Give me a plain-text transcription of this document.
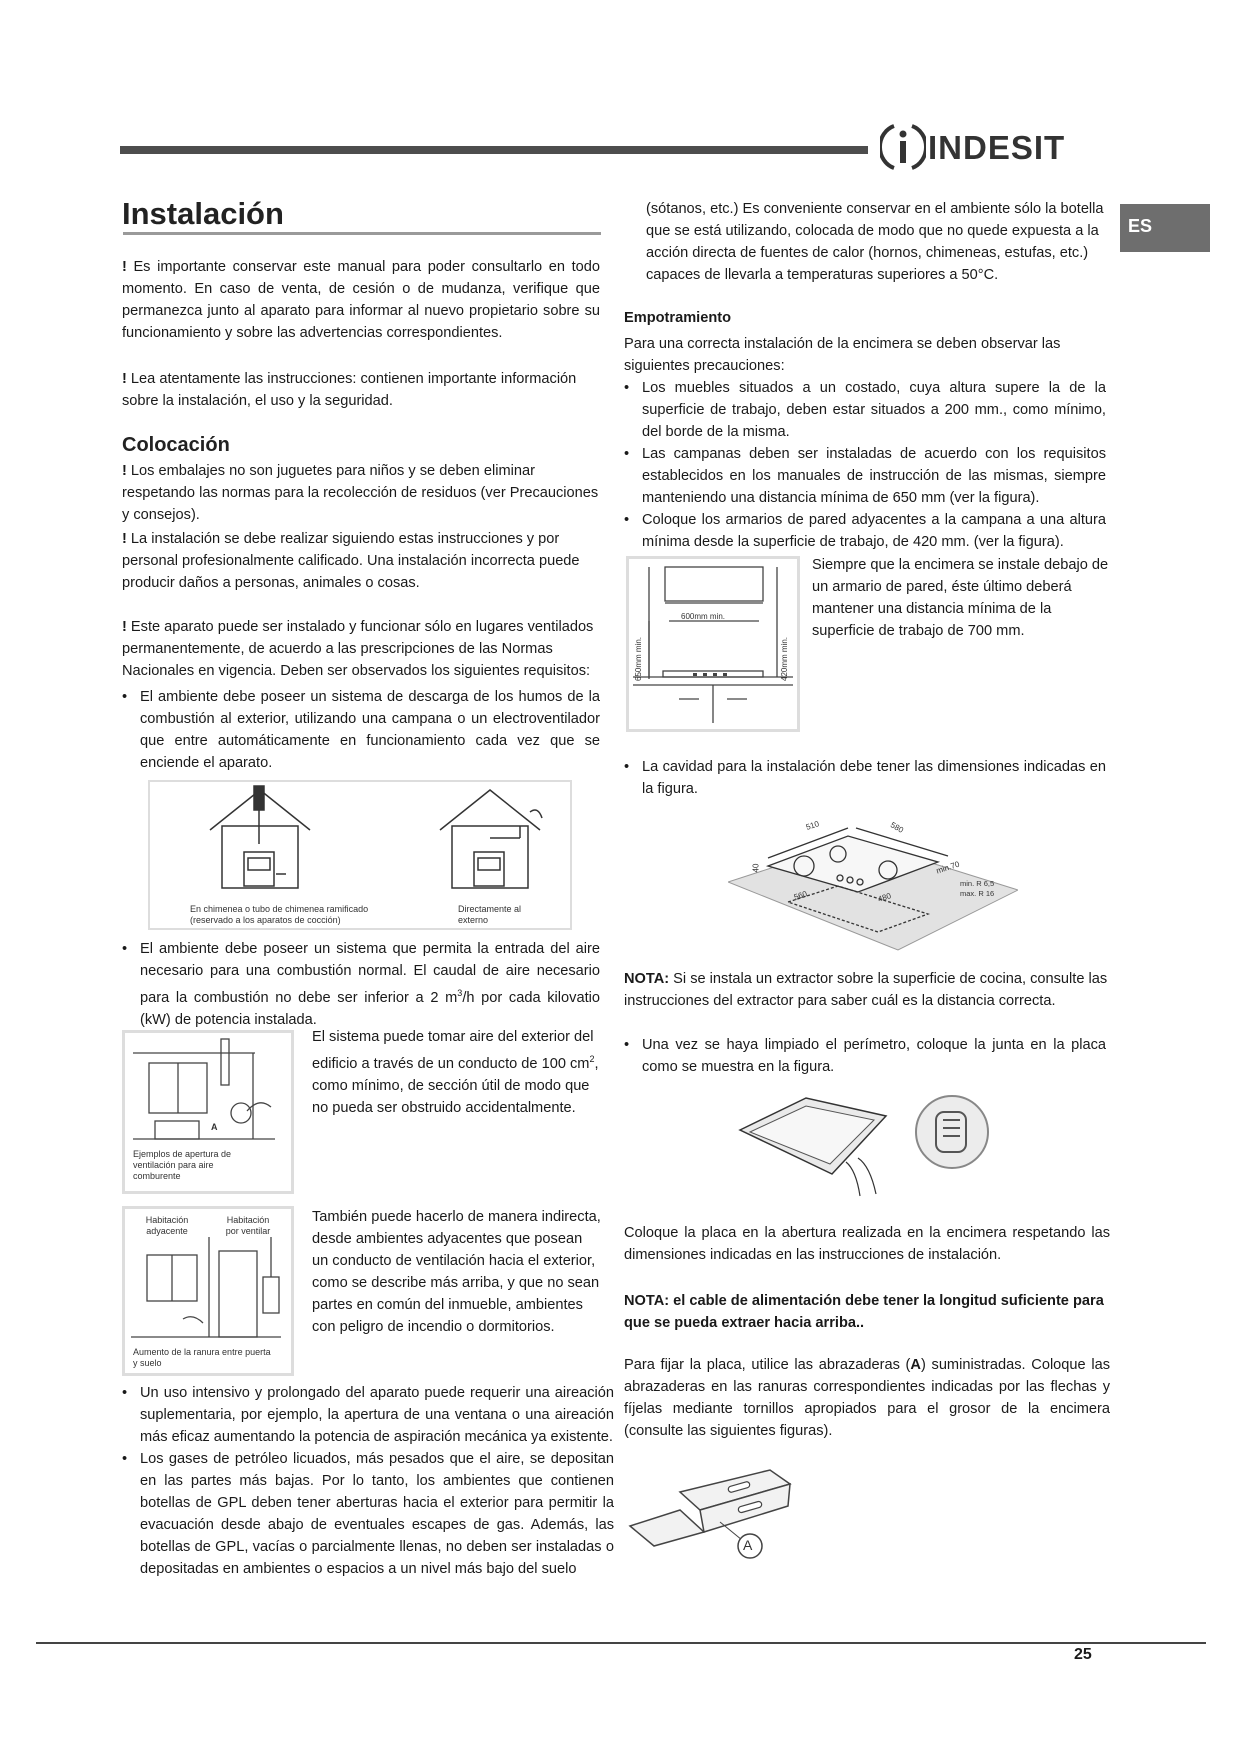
INDESIT
ES
Instalación

! Es importante conservar este manual para poder consultarlo en todo momento. En caso de venta, de cesión o de mudanza, verifique que permanezca junto al aparato para informar al nuevo propietario sobre su funcionamiento y sobre las advertencias correspondientes.

! Lea atentamente las instrucciones: contienen importante información sobre la instalación, el uso y la seguridad.

Colocación

! Los embalajes no son juguetes para niños y se deben eliminar respetando las normas para la recolección de residuos (ver Precauciones y consejos).

! La instalación se debe realizar siguiendo estas instrucciones y por personal profesionalmente calificado. Una instalación incorrecta puede producir daños a personas, animales o cosas.

! Este aparato puede ser instalado y funcionar sólo en lugares ventilados permanentemente, de acuerdo a las prescripciones de las Normas Nacionales en vigencia. Deben ser observados los siguientes requisitos:

• El ambiente debe poseer un sistema de descarga de los humos de la combustión al exterior, utilizando una campana o un electroventilador que entre automáticamente en funcionamiento cada vez que se enciende el aparato.
En chimenea o tubo de chimenea ramificado (reservado a los aparatos de cocción)
Directamente al externo
• El ambiente debe poseer un sistema que permita la entrada del aire necesario para una combustión normal. El caudal de aire necesario para la combustión no debe ser inferior a 2 $m^3/h$ por cada kilovatio (kW) de potencia instalada.
A
Ejemplos de apertura de ventilación para aire comburente

El sistema puede tomar aire del exterior del edificio a través de un conducto de 100 $cm^2$, como mínimo, de sección útil de modo que no pueda ser obstruido accidentalmente.

Habitación adyacente
Habitación por ventilar
Aumento de la ranura entre puerta y suelo

También puede hacerlo de manera indirecta, desde ambientes adyacentes que posean un conducto de ventilación hacia el exterior, como se describe más arriba, y que no sean partes en común del inmueble, ambientes con peligro de incendio o dormitorios.

• Un uso intensivo y prolongado del aparato puede requerir una aireación suplementaria, por ejemplo, la apertura de una ventana o una aireación más eficaz aumentando la potencia de aspiración mecánica ya existente.
• Los gases de petróleo licuados, más pesados que el aire, se depositan en las partes más bajas. Por lo tanto, los ambientes que contienen botellas de GPL deben tener aberturas hacia el exterior para permitir la evacuación desde abajo de eventuales escapes de gas. Además, las botellas de GPL, vacías o parcialmente llenas, no deben ser instaladas o depositadas en ambientes o espacios a un nivel más bajo del suelo

(sótanos, etc.) Es conveniente conservar en el ambiente sólo la botella que se está utilizando, colocada de modo que no quede expuesta a la acción directa de fuentes de calor (hornos, chimeneas, estufas, etc.) capaces de llevarla a temperaturas superiores a 50°C.

Empotramiento

Para una correcta instalación de la encimera se deben observar las siguientes precauciones:

• Los muebles situados a un costado, cuya altura supere la de la superficie de trabajo, deben estar situados a 200 mm., como mínimo, del borde de la misma.
• Las campanas deben ser instaladas de acuerdo con los requisitos establecidos en los manuales de instrucción de las mismas, siempre manteniendo una distancia mínima de 650 mm (ver la figura).
• Coloque los armarios de pared adyacentes a la campana a una altura mínima desde la superficie de trabajo, de 420 mm. (ver la figura).
600mm min.
650mm min.	420mm min.

Siempre que la encimera se instale debajo de un armario de pared, éste último deberá mantener una distancia mínima de la superficie de trabajo de 700 mm.

• La cavidad para la instalación debe tener las dimensiones indicadas en la figura.
510	580
40	min.70
min. R 6,5
max. R 16
560	480

NOTA: Si se instala un extractor sobre la superficie de cocina, consulte las instrucciones del extractor para saber cuál es la distancia correcta.

• Una vez se haya limpiado el perímetro, coloque la junta en la placa como se muestra en la figura.

Coloque la placa en la abertura realizada en la encimera respetando las dimensiones indicadas en las instrucciones de instalación.

NOTA: el cable de alimentación debe tener la longitud suficiente para que se pueda extraer hacia arriba..

Para fijar la placa, utilice las abrazaderas (A) suministradas. Coloque las abrazaderas en las ranuras correspondientes indicadas por las flechas y fíjelas mediante tornillos apropiados para el grosor de la encimera (consulte las siguientes figuras).

A
25
